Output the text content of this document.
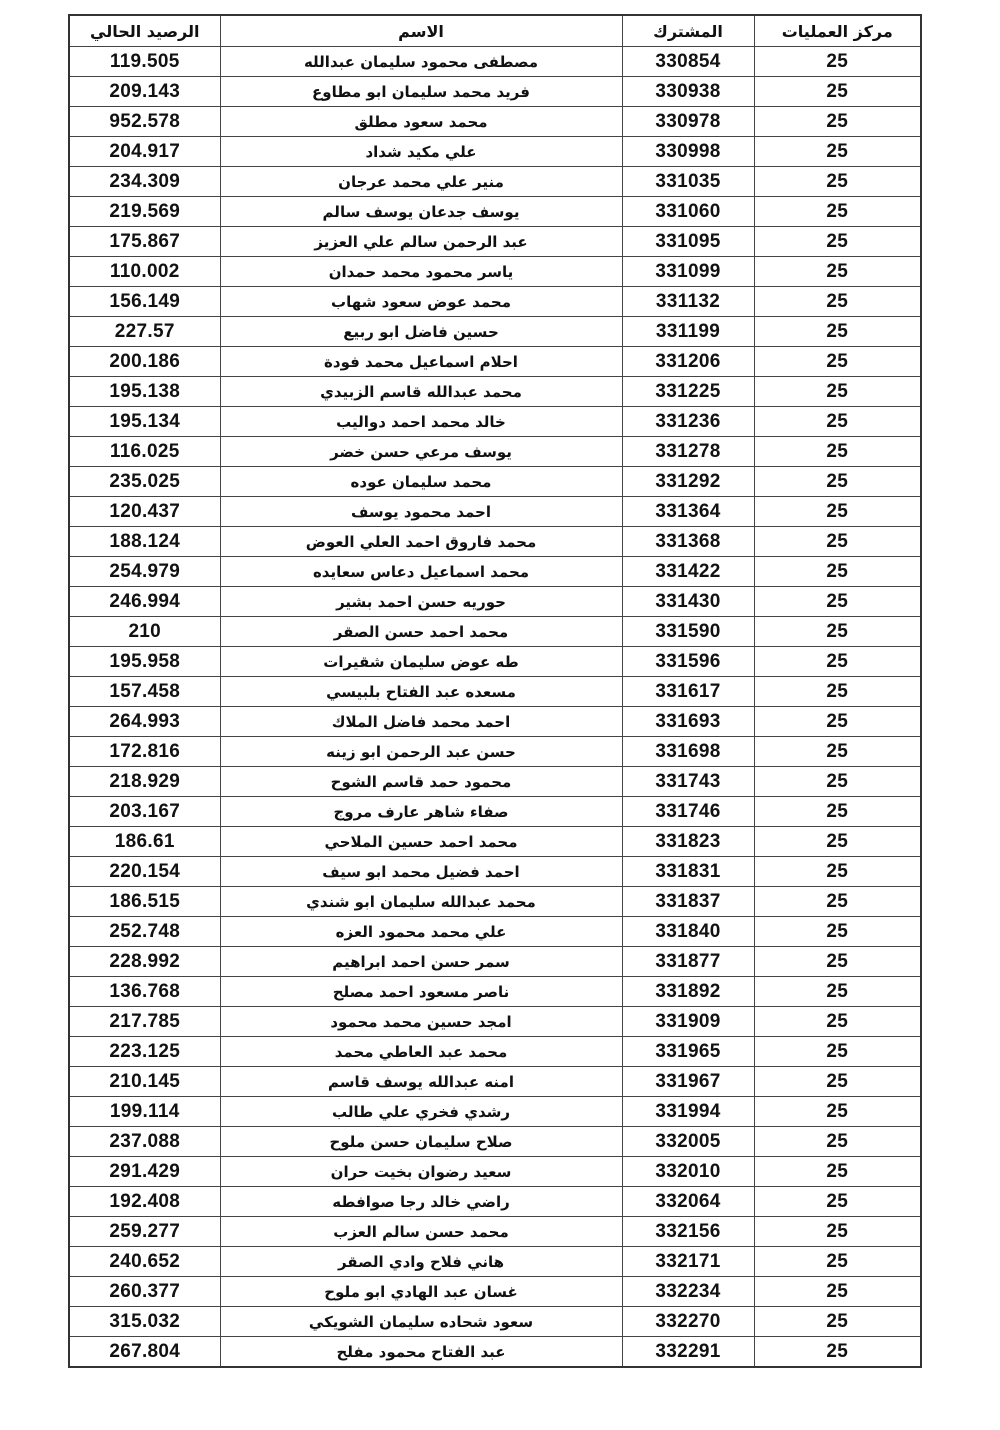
الرصيد الحالي	الاسم	المشترك	مركز العمليات
119.505	مصطفى محمود سليمان عبدالله	330854	25
209.143	فريد محمد سليمان ابو مطاوع	330938	25
952.578	محمد سعود مطلق	330978	25
204.917	علي مكيد شداد	330998	25
234.309	منير علي محمد عرجان	331035	25
219.569	يوسف جدعان يوسف سالم	331060	25
175.867	عبد الرحمن سالم علي العزيز	331095	25
110.002	ياسر محمود محمد حمدان	331099	25
156.149	محمد عوض سعود شهاب	331132	25
227.57	حسين فاضل ابو ربيع	331199	25
200.186	احلام اسماعيل محمد فودة	331206	25
195.138	محمد عبدالله قاسم الزبيدي	331225	25
195.134	خالد محمد احمد دواليب	331236	25
116.025	يوسف مرعي حسن خضر	331278	25
235.025	محمد سليمان عوده	331292	25
120.437	احمد محمود يوسف	331364	25
188.124	محمد فاروق احمد العلي العوض	331368	25
254.979	محمد اسماعيل دعاس سعايده	331422	25
246.994	حوريه حسن احمد بشير	331430	25
210	محمد احمد حسن الصقر	331590	25
195.958	طه عوض سليمان شقيرات	331596	25
157.458	مسعده عبد الفتاح بلبيسي	331617	25
264.993	احمد محمد فاضل الملاك	331693	25
172.816	حسن عبد الرحمن ابو زينه	331698	25
218.929	محمود حمد قاسم الشوح	331743	25
203.167	صفاء شاهر عارف مروج	331746	25
186.61	محمد احمد حسين الملاحي	331823	25
220.154	احمد فضيل محمد ابو سيف	331831	25
186.515	محمد عبدالله سليمان ابو شندي	331837	25
252.748	علي محمد محمود العزه	331840	25
228.992	سمر حسن احمد ابراهيم	331877	25
136.768	ناصر مسعود احمد مصلح	331892	25
217.785	امجد حسين محمد محمود	331909	25
223.125	محمد عبد العاطي محمد	331965	25
210.145	امنه عبدالله يوسف قاسم	331967	25
199.114	رشدي فخري علي طالب	331994	25
237.088	صلاح سليمان حسن ملوح	332005	25
291.429	سعيد رضوان بخيت حران	332010	25
192.408	راضي خالد رجا صوافطه	332064	25
259.277	محمد حسن سالم العزب	332156	25
240.652	هاني فلاح وادي الصقر	332171	25
260.377	غسان عبد الهادي ابو ملوح	332234	25
315.032	سعود شحاده سليمان الشويكي	332270	25
267.804	عبد الفتاح محمود مفلح	332291	25
